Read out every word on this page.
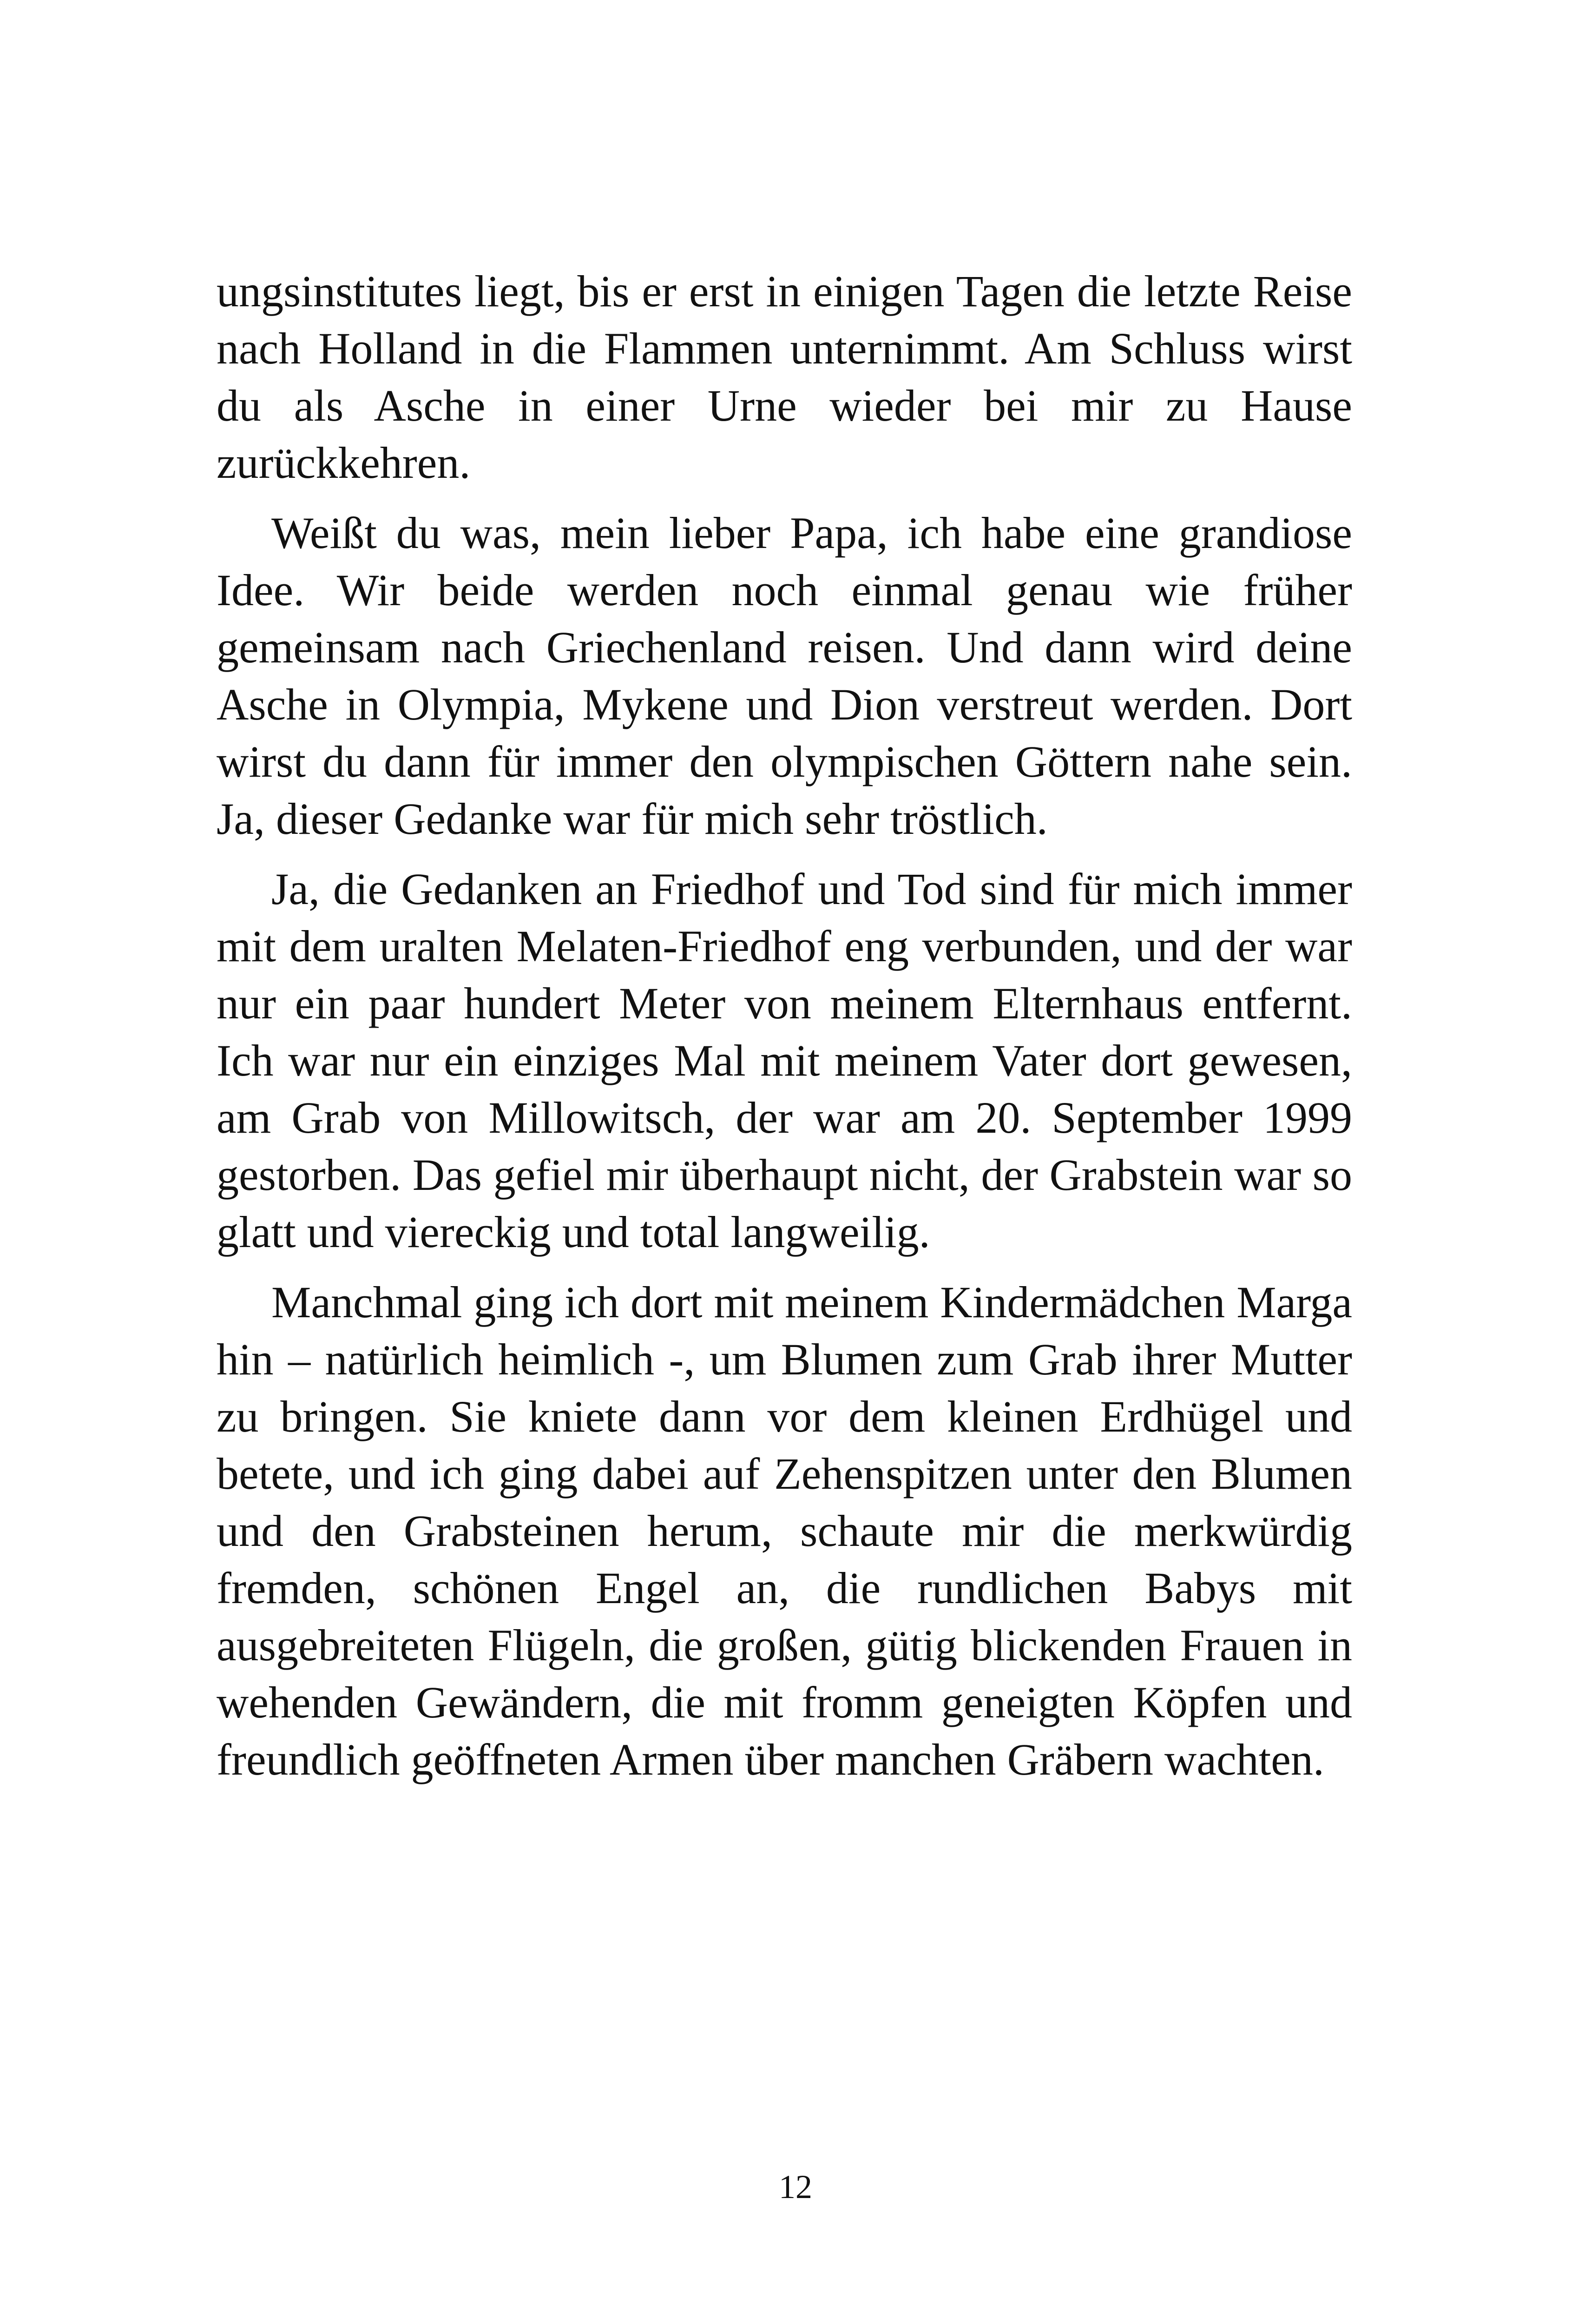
ungsinstitutes liegt, bis er erst in einigen Tagen die letzte Reise nach Holland in die Flammen unternimmt. Am Schluss wirst du als Asche in einer Urne wieder bei mir zu Hause zurückkehren.

Weißt du was, mein lieber Papa, ich habe eine grandiose Idee. Wir beide werden noch einmal genau wie früher gemeinsam nach Griechenland reisen. Und dann wird deine Asche in Olympia, Mykene und Dion verstreut werden. Dort wirst du dann für immer den olympischen Göttern nahe sein. Ja, dieser Gedanke war für mich sehr tröstlich.

Ja, die Gedanken an Friedhof und Tod sind für mich immer mit dem uralten Melaten-Friedhof eng verbunden, und der war nur ein paar hundert Meter von meinem Elternhaus entfernt. Ich war nur ein einziges Mal mit meinem Vater dort gewesen, am Grab von Millowitsch, der war am 20. September 1999 gestorben. Das gefiel mir überhaupt nicht, der Grabstein war so glatt und viereckig und total langweilig.

Manchmal ging ich dort mit meinem Kindermädchen Marga hin – natürlich heimlich -, um Blumen zum Grab ihrer Mutter zu bringen. Sie kniete dann vor dem kleinen Erdhügel und betete, und ich ging dabei auf Zehenspitzen unter den Blumen und den Grabsteinen herum, schaute mir die merkwürdig fremden, schönen Engel an, die rundlichen Babys mit ausgebreiteten Flügeln, die großen, gütig blickenden Frauen in wehenden Gewändern, die mit fromm geneigten Köpfen und freundlich geöffneten Armen über manchen Gräbern wachten.

12
